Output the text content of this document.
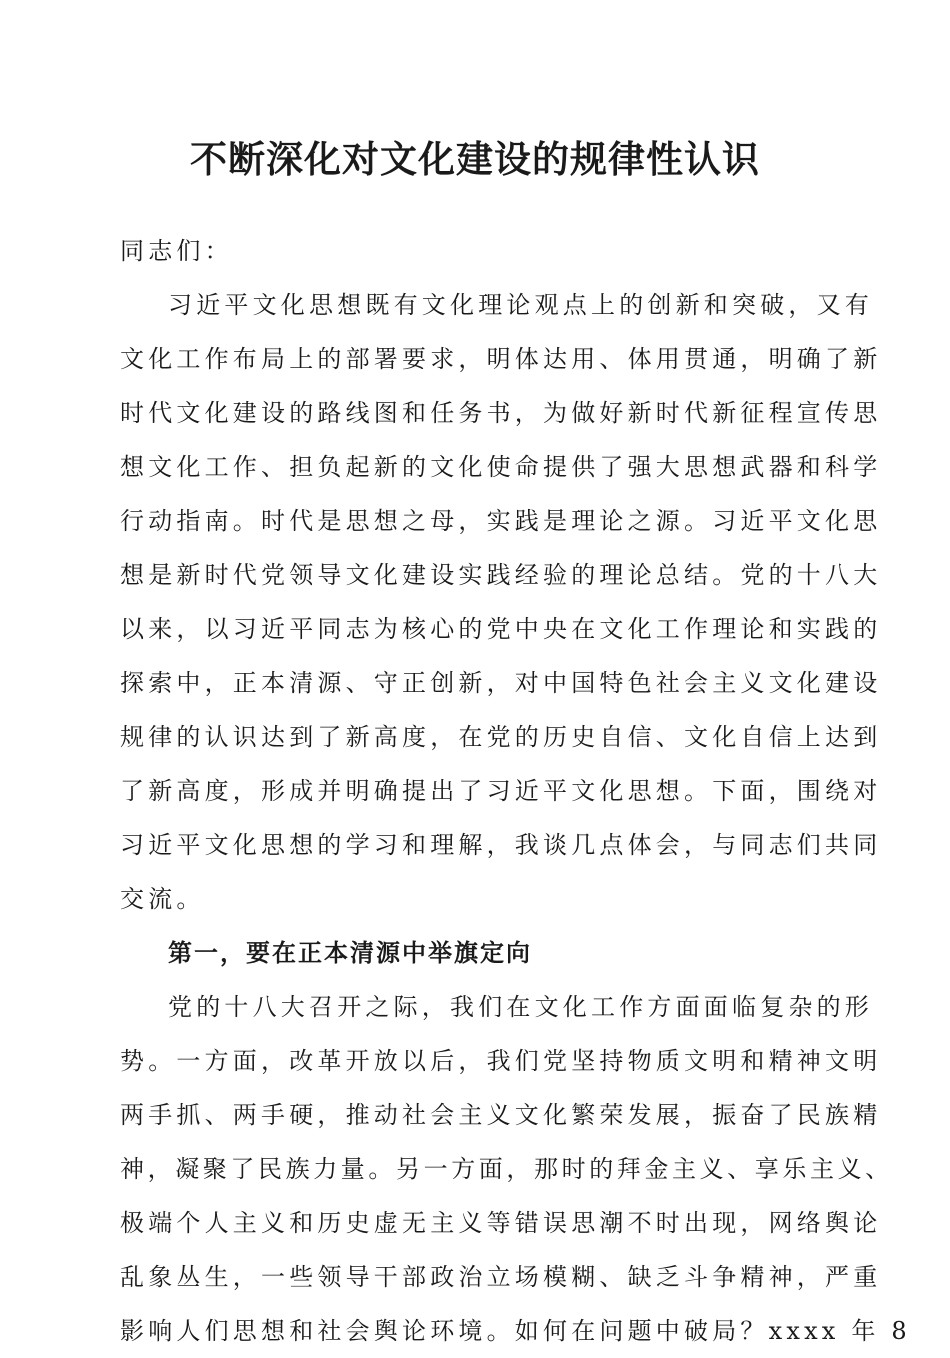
不断深化对文化建设的规律性认识
同志们：
习近平文化思想既有文化理论观点上的创新和突破，又有
文化工作布局上的部署要求，明体达用、体用贯通，明确了新
时代文化建设的路线图和任务书，为做好新时代新征程宣传思
想文化工作、担负起新的文化使命提供了强大思想武器和科学
行动指南。时代是思想之母，实践是理论之源。习近平文化思
想是新时代党领导文化建设实践经验的理论总结。党的十八大
以来，以习近平同志为核心的党中央在文化工作理论和实践的
探索中，正本清源、守正创新，对中国特色社会主义文化建设
规律的认识达到了新高度，在党的历史自信、文化自信上达到
了新高度，形成并明确提出了习近平文化思想。下面，围绕对
习近平文化思想的学习和理解，我谈几点体会，与同志们共同
交流。
第一，要在正本清源中举旗定向
党的十八大召开之际，我们在文化工作方面面临复杂的形
势。一方面，改革开放以后，我们党坚持物质文明和精神文明
两手抓、两手硬，推动社会主义文化繁荣发展，振奋了民族精
神，凝聚了民族力量。另一方面，那时的拜金主义、享乐主义、
极端个人主义和历史虚无主义等错误思潮不时出现，网络舆论
乱象丛生，一些领导干部政治立场模糊、缺乏斗争精神，严重
影响人们思想和社会舆论环境。如何在问题中破局？xxxx 年 8
